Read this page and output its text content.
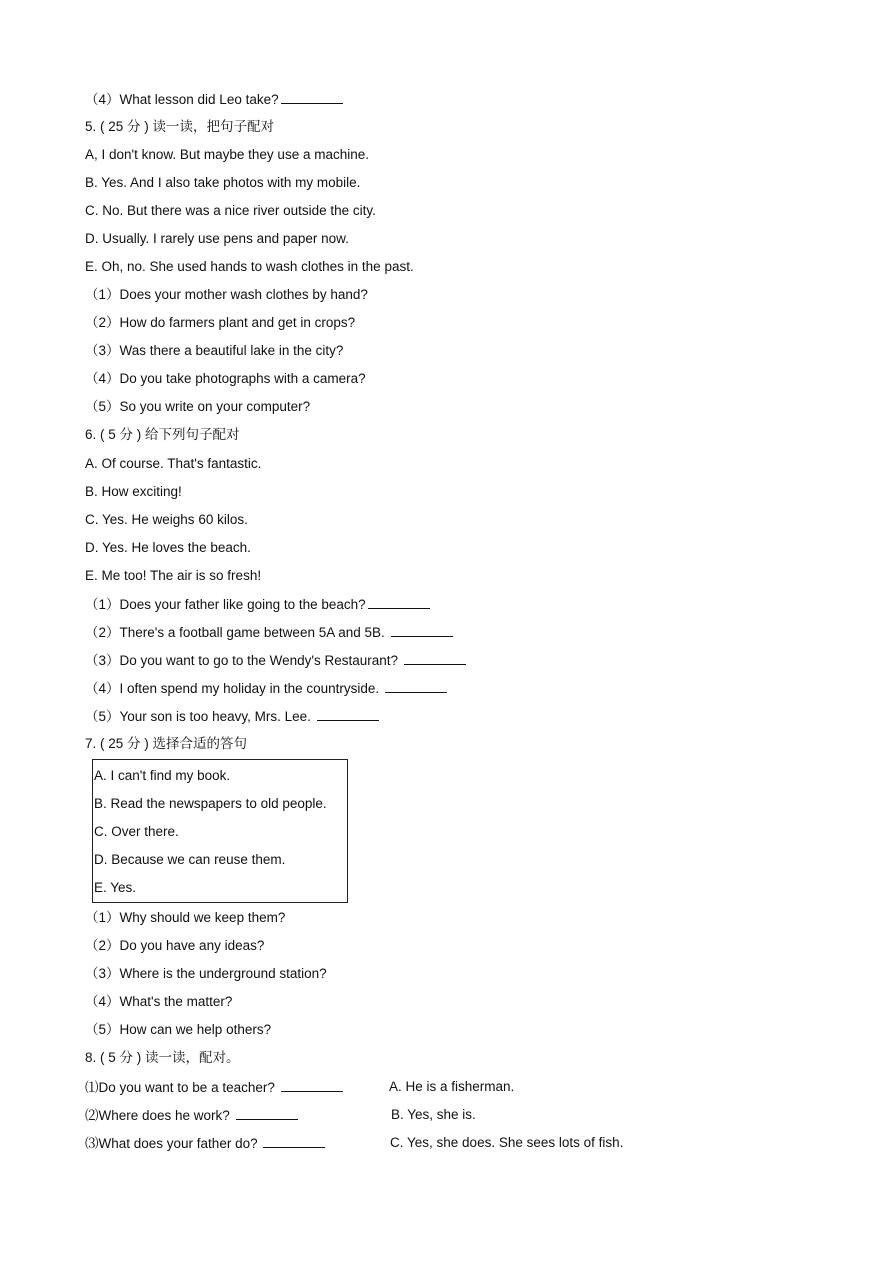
（4）What lesson did Leo take?
5. ( 25 分 ) 读一读，把句子配对
A, I don't know. But maybe they use a machine.
B. Yes. And I also take photos with my mobile.
C. No. But there was a nice river outside the city.
D. Usually. I rarely use pens and paper now.
E. Oh, no. She used hands to wash clothes in the past.
（1）Does your mother wash clothes by hand?
（2）How do farmers plant and get in crops?
（3）Was there a beautiful lake in the city?
（4）Do you take photographs with a camera?
（5）So you write on your computer?
6. ( 5 分 ) 给下列句子配对
A. Of course. That's fantastic.
B. How exciting!
C. Yes. He weighs 60 kilos.
D. Yes. He loves the beach.
E. Me too! The air is so fresh!
（1）Does your father like going to the beach?
（2）There's a football game between 5A and 5B.
（3）Do you want to go to the Wendy's Restaurant?
（4）I often spend my holiday in the countryside.
（5）Your son is too heavy, Mrs. Lee.
7. ( 25 分 ) 选择合适的答句
A. I can't find my book.
B. Read the newspapers to old people.
C. Over there.
D. Because we can reuse them.
E. Yes.
（1）Why should we keep them?
（2）Do you have any ideas?
（3）Where is the underground station?
（4）What's the matter?
（5）How can we help others?
8. ( 5 分 ) 读一读，配对。
⑴Do you want to be a teacher?
⑵Where does he work?
⑶What does your father do?
A. He is a fisherman.
B. Yes, she is.
C. Yes, she does. She sees lots of fish.
